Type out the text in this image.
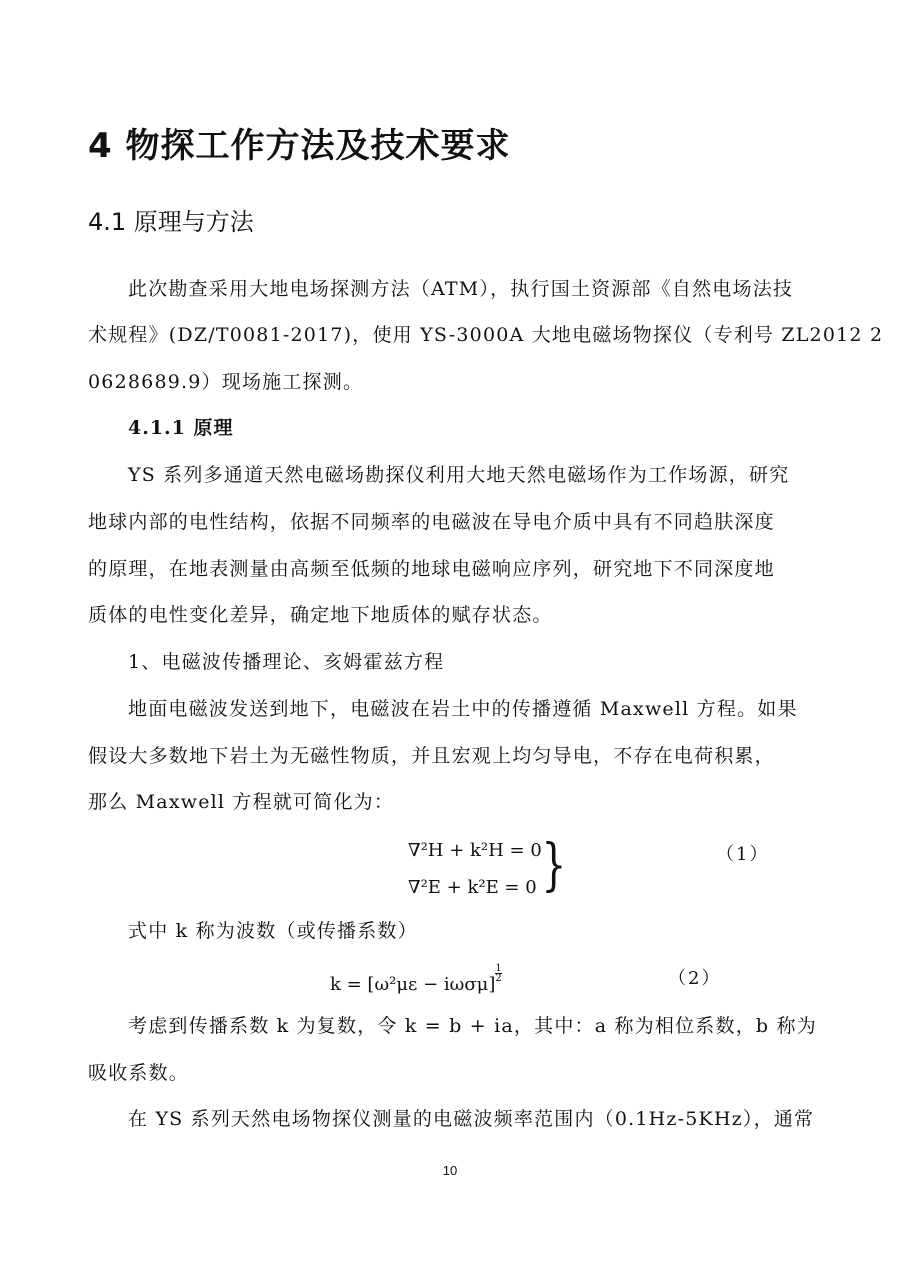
4 物探工作方法及技术要求
4.1 原理与方法
此次勘查采用大地电场探测方法（ATM），执行国土资源部《自然电场法技
术规程》(DZ/T0081-2017)，使用 YS-3000A 大地电磁场物探仪（专利号 ZL2012 2
0628689.9）现场施工探测。
4.1.1 原理
YS 系列多通道天然电磁场勘探仪利用大地天然电磁场作为工作场源，研究
地球内部的电性结构，依据不同频率的电磁波在导电介质中具有不同趋肤深度
的原理，在地表测量由高频至低频的地球电磁响应序列，研究地下不同深度地
质体的电性变化差异，确定地下地质体的赋存状态。
1、电磁波传播理论、亥姆霍兹方程
地面电磁波发送到地下，电磁波在岩土中的传播遵循 Maxwell 方程。如果
假设大多数地下岩土为无磁性物质，并且宏观上均匀导电，不存在电荷积累，
那么 Maxwell 方程就可简化为：
∇²H + k²H = 0
∇²E + k²E = 0 }	（1）
式中 k 称为波数（或传播系数）
k = [ω²με − iωσμ]
$\frac{1}{2}$	（2）
考虑到传播系数 k 为复数，令 k = b + ia，其中：a 称为相位系数，b 称为
吸收系数。
在 YS 系列天然电场物探仪测量的电磁波频率范围内（0.1Hz-5KHz），通常
10
